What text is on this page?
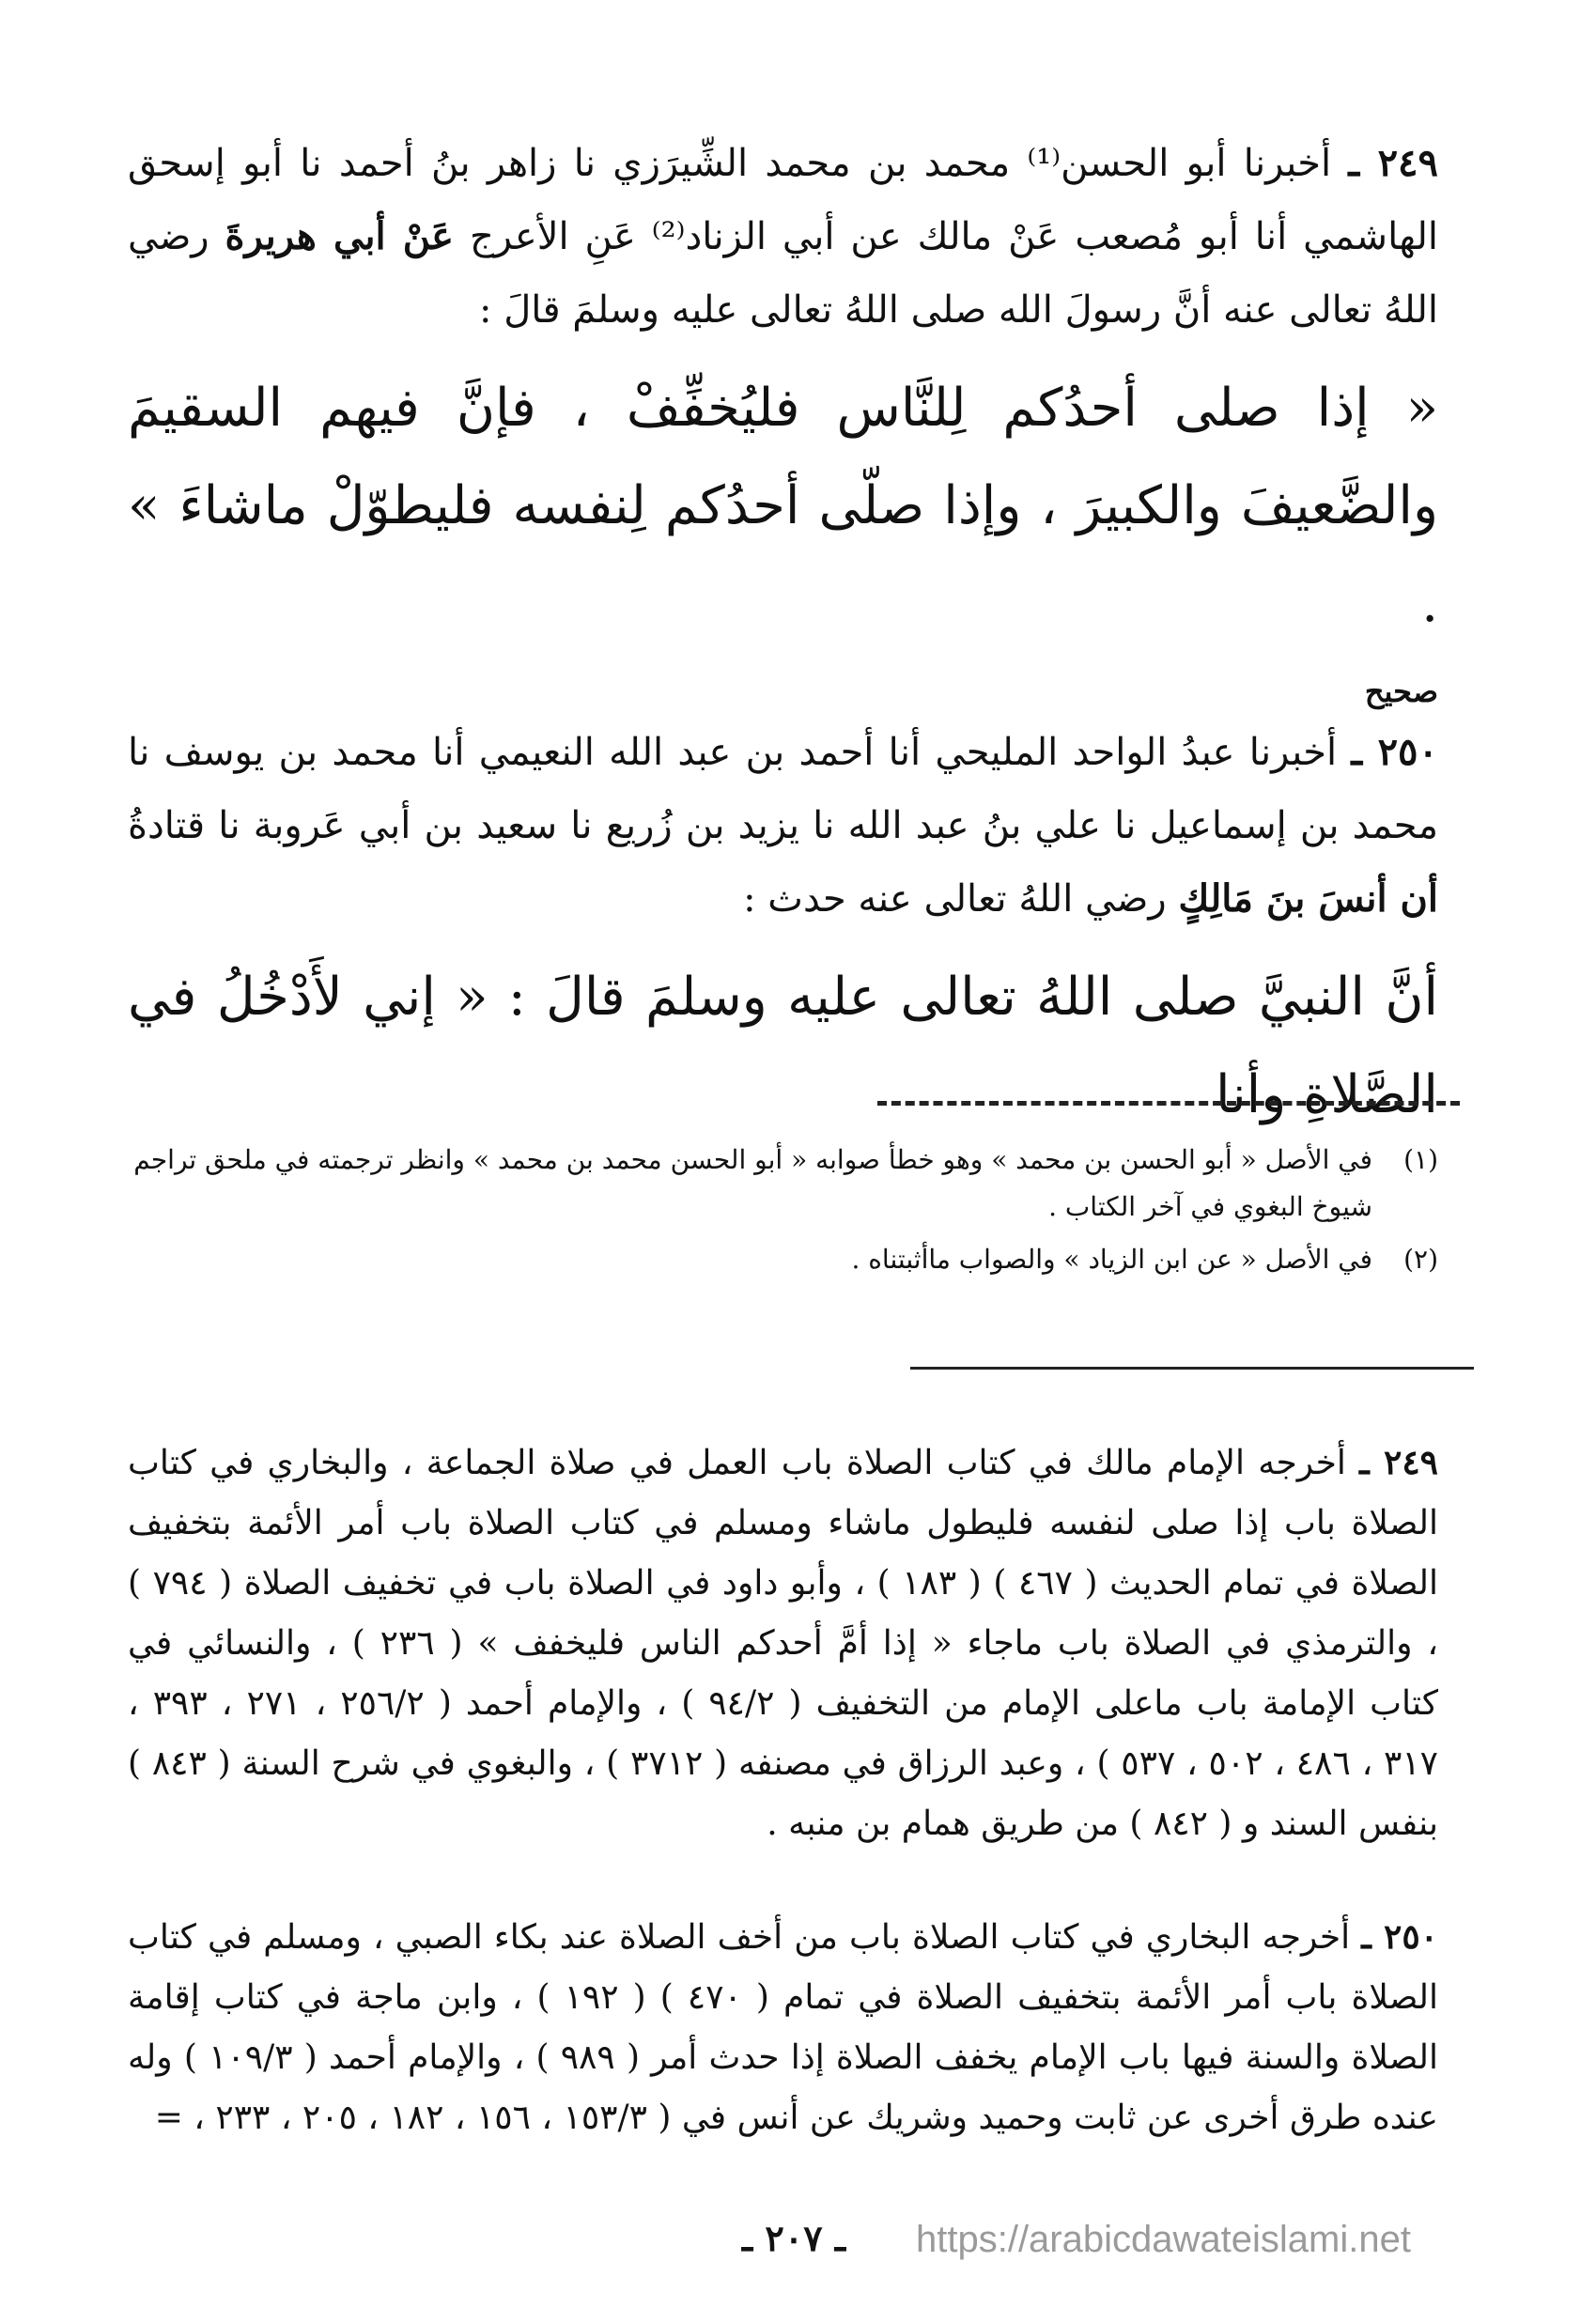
٢٤٩ ـ أخبرنا أبو الحسن⁽¹⁾ محمد بن محمد الشِّيرَزي نا زاهر بنُ أحمد نا أبو إسحق الهاشمي أنا أبو مُصعب عَنْ مالك عن أبي الزناد⁽²⁾ عَنِ الأعرج عَنْ أبي هريرةَ رضي اللهُ تعالى عنه أنَّ رسولَ الله صلى اللهُ تعالى عليه وسلمَ قالَ :

« إذا صلى أحدُكم لِلنَّاس فليُخفِّفْ ، فإنَّ فيهم السقيمَ والضَّعيفَ والكبيرَ ، وإذا صلّى أحدُكم لِنفسه فليطوّلْ ماشاءَ » .

صحيح

٢٥٠ ـ أخبرنا عبدُ الواحد المليحي أنا أحمد بن عبد الله النعيمي أنا محمد بن يوسف نا محمد بن إسماعيل نا علي بنُ عبد الله نا يزيد بن زُريع نا سعيد بن أبي عَروبة نا قتادةُ أن أنسَ بنَ مَالِكٍ رضي اللهُ تعالى عنه حدث :

أنَّ النبيَّ صلى اللهُ تعالى عليه وسلمَ قالَ : « إني لأَدْخُلُ في الصَّلاةِ وأنا

(١)
في الأصل « أبو الحسن بن محمد » وهو خطأ صوابه « أبو الحسن محمد بن محمد » وانظر ترجمته في ملحق تراجم شيوخ البغوي في آخر الكتاب .
(٢)
في الأصل « عن ابن الزياد » والصواب ماأثبتناه .

٢٤٩ ـ أخرجه الإمام مالك في كتاب الصلاة باب العمل في صلاة الجماعة ، والبخاري في كتاب الصلاة باب إذا صلى لنفسه فليطول ماشاء ومسلم في كتاب الصلاة باب أمر الأئمة بتخفيف الصلاة في تمام الحديث ( ٤٦٧ ) ( ١٨٣ ) ، وأبو داود في الصلاة باب في تخفيف الصلاة ( ٧٩٤ ) ، والترمذي في الصلاة باب ماجاء « إذا أمَّ أحدكم الناس فليخفف » ( ٢٣٦ ) ، والنسائي في كتاب الإمامة باب ماعلى الإمام من التخفيف ( ٩٤/٢ ) ، والإمام أحمد ( ٢٥٦/٢ ، ٢٧١ ، ٣٩٣ ، ٣١٧ ، ٤٨٦ ، ٥٠٢ ، ٥٣٧ ) ، وعبد الرزاق في مصنفه ( ٣٧١٢ ) ، والبغوي في شرح السنة ( ٨٤٣ ) بنفس السند و ( ٨٤٢ ) من طريق همام بن منبه .

٢٥٠ ـ أخرجه البخاري في كتاب الصلاة باب من أخف الصلاة عند بكاء الصبي ، ومسلم في كتاب الصلاة باب أمر الأئمة بتخفيف الصلاة في تمام ( ٤٧٠ ) ( ١٩٢ ) ، وابن ماجة في كتاب إقامة الصلاة والسنة فيها باب الإمام يخفف الصلاة إذا حدث أمر ( ٩٨٩ ) ، والإمام أحمد ( ١٠٩/٣ ) وله عنده طرق أخرى عن ثابت وحميد وشريك عن أنس في ( ١٥٣/٣ ، ١٥٦ ، ١٨٢ ، ٢٠٥ ، ٢٣٣ ، =

ـ ٢٠٧ ـ https://arabicdawateislami.net
